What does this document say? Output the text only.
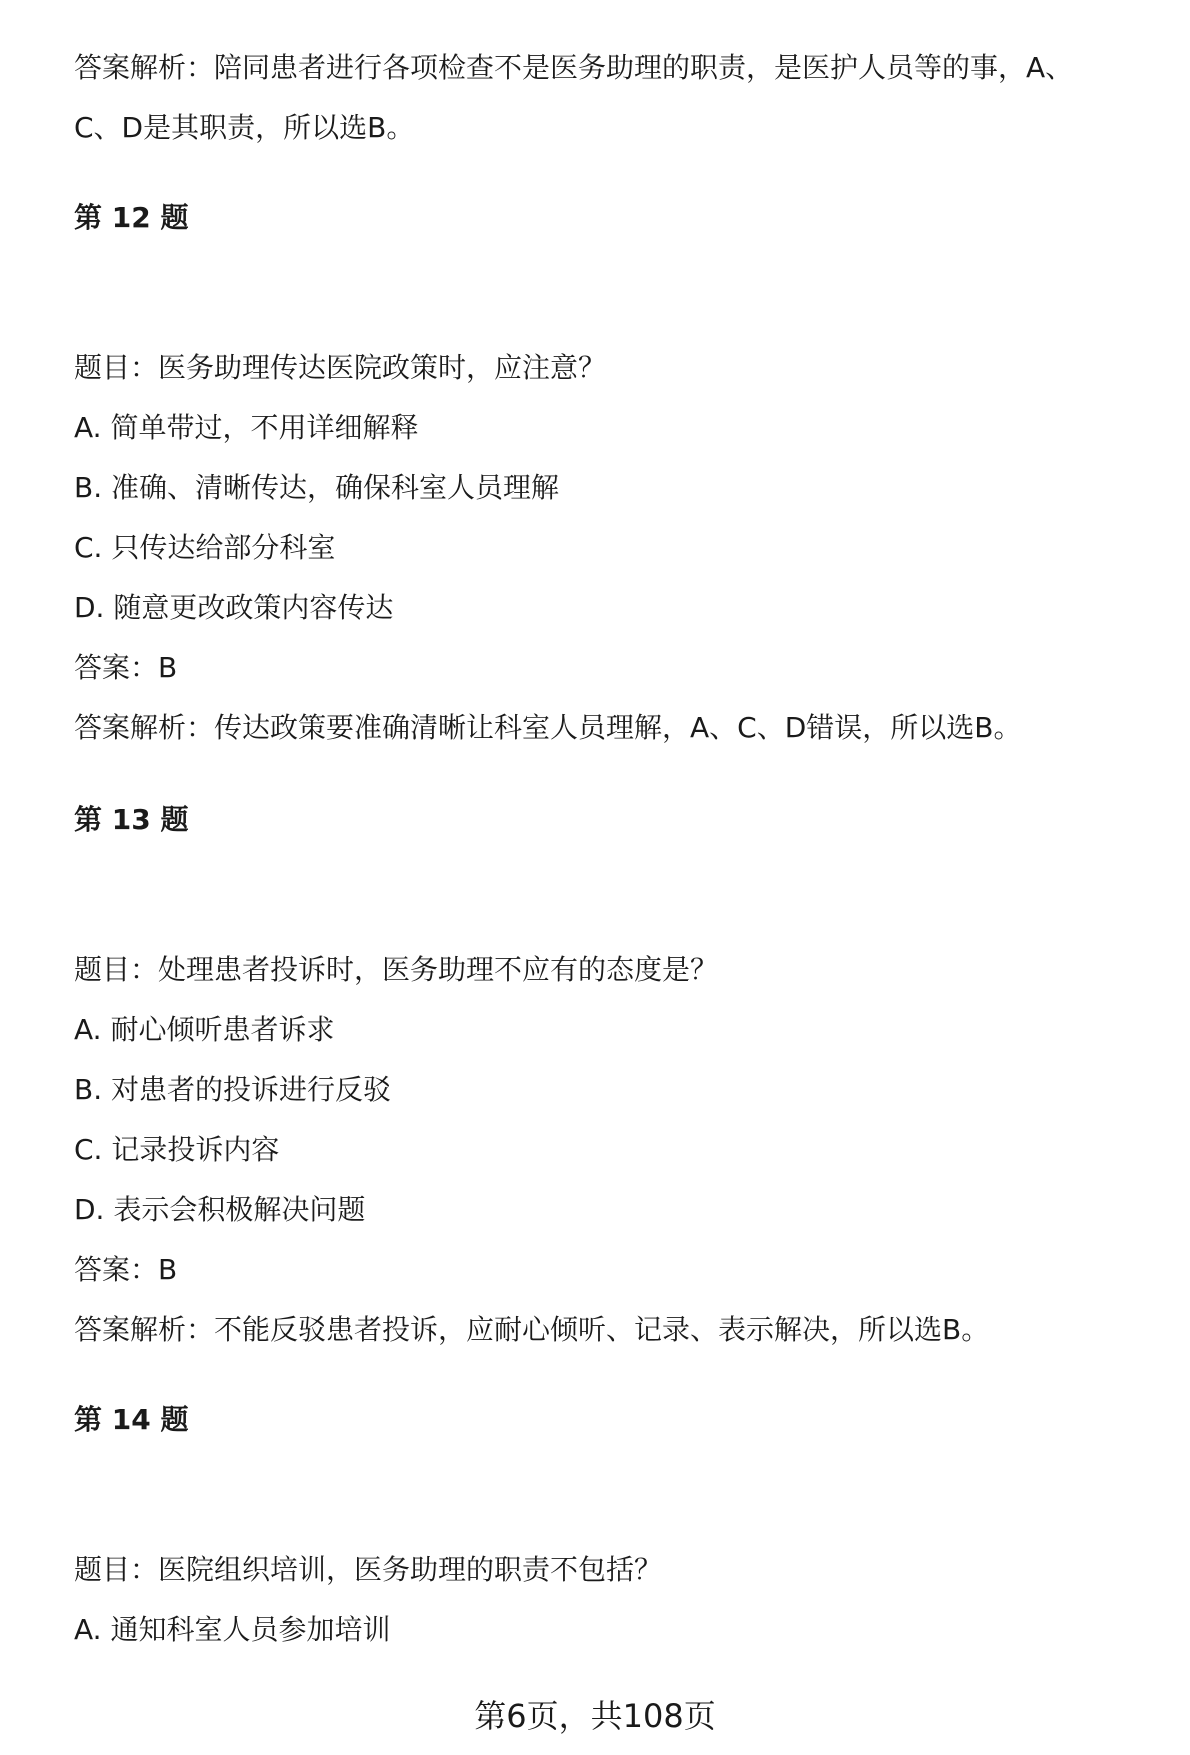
答案解析：陪同患者进行各项检查不是医务助理的职责，是医护人员等的事，A、
C、D是其职责，所以选B。
第 12 题
题目：医务助理传达医院政策时，应注意？
A. 简单带过，不用详细解释
B. 准确、清晰传达，确保科室人员理解
C. 只传达给部分科室
D. 随意更改政策内容传达
答案：B
答案解析：传达政策要准确清晰让科室人员理解，A、C、D错误，所以选B。
第 13 题
题目：处理患者投诉时，医务助理不应有的态度是？
A. 耐心倾听患者诉求
B. 对患者的投诉进行反驳
C. 记录投诉内容
D. 表示会积极解决问题
答案：B
答案解析：不能反驳患者投诉，应耐心倾听、记录、表示解决，所以选B。
第 14 题
题目：医院组织培训，医务助理的职责不包括？
A. 通知科室人员参加培训
第6页，共108页
